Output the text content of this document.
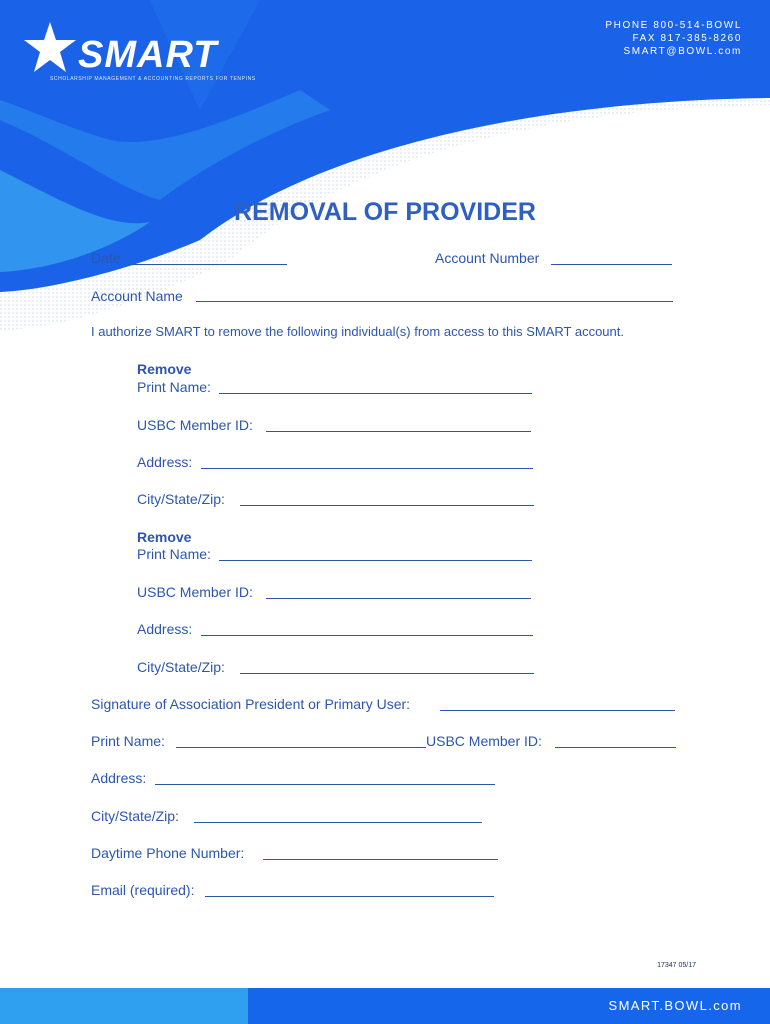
PHONE 800-514-BOWL
FAX 817-385-8260
SMART@BOWL.com
SMART
SCHOLARSHIP MANAGEMENT & ACCOUNTING REPORTS FOR TENPINS
REMOVAL OF PROVIDER
Date	Account Number
Account Name
I authorize SMART to remove the following individual(s) from access to this SMART account.
Remove
Print Name:
USBC Member ID:
Address:
City/State/Zip:
Remove
Print Name:
USBC Member ID:
Address:
City/State/Zip:
Signature of Association President or Primary User:
Print Name:	USBC Member ID:
Address:
City/State/Zip:
Daytime Phone Number:
Email (required):
17347 05/17
SMART.BOWL.com
